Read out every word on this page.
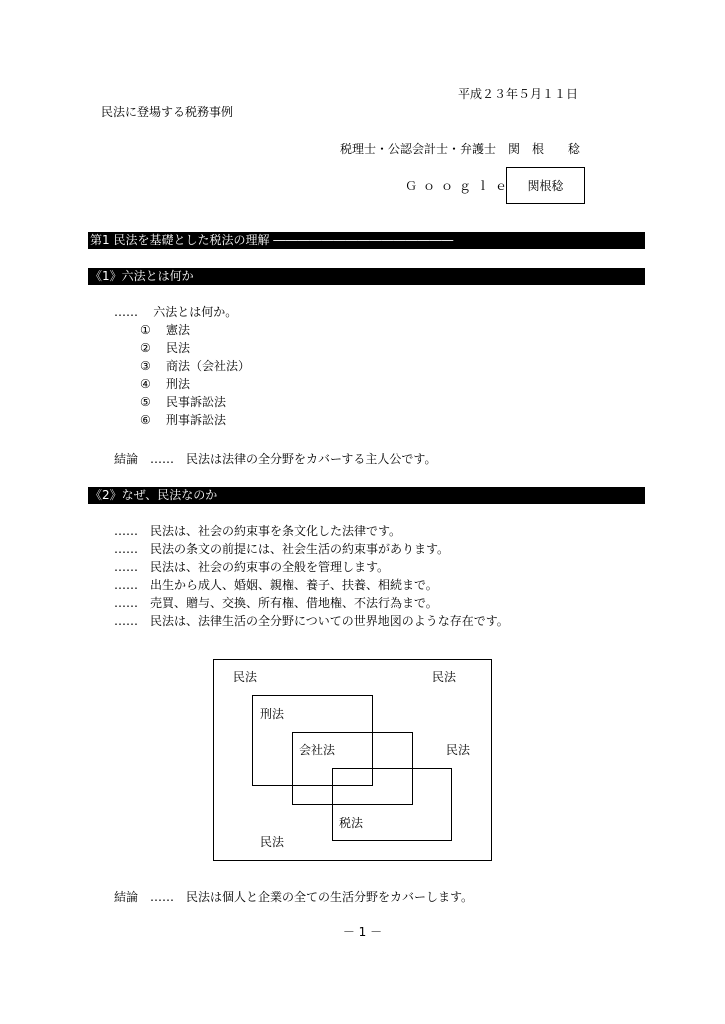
平成２３年５月１１日
民法に登場する税務事例
税理士・公認会計士・弁護士　関　根　　稔
Ｇｏｏｇｌｅ	関根稔
第1 民法を基礎とした税法の理解 ―――――――――――――――
《1》六法とは何か
……    六法とは何か。
① 憲法
② 民法
③ 商法（会社法）
④ 刑法
⑤ 民事訴訟法
⑥ 刑事訴訟法
結論　……　民法は法律の全分野をカバーする主人公です。
《2》なぜ、民法なのか
……　民法は、社会の約束事を条文化した法律です。
……　民法の条文の前提には、社会生活の約束事があります。
……　民法は、社会の約束事の全般を管理します。
……　出生から成人、婚姻、親権、養子、扶養、相続まで。
……　売買、贈与、交換、所有権、借地権、不法行為まで。
……　民法は、法律生活の全分野についての世界地図のような存在です。
民法	民法
刑法
会社法	民法
税法
民法
結論　……　民法は個人と企業の全ての生活分野をカバーします。
－ 1 －
